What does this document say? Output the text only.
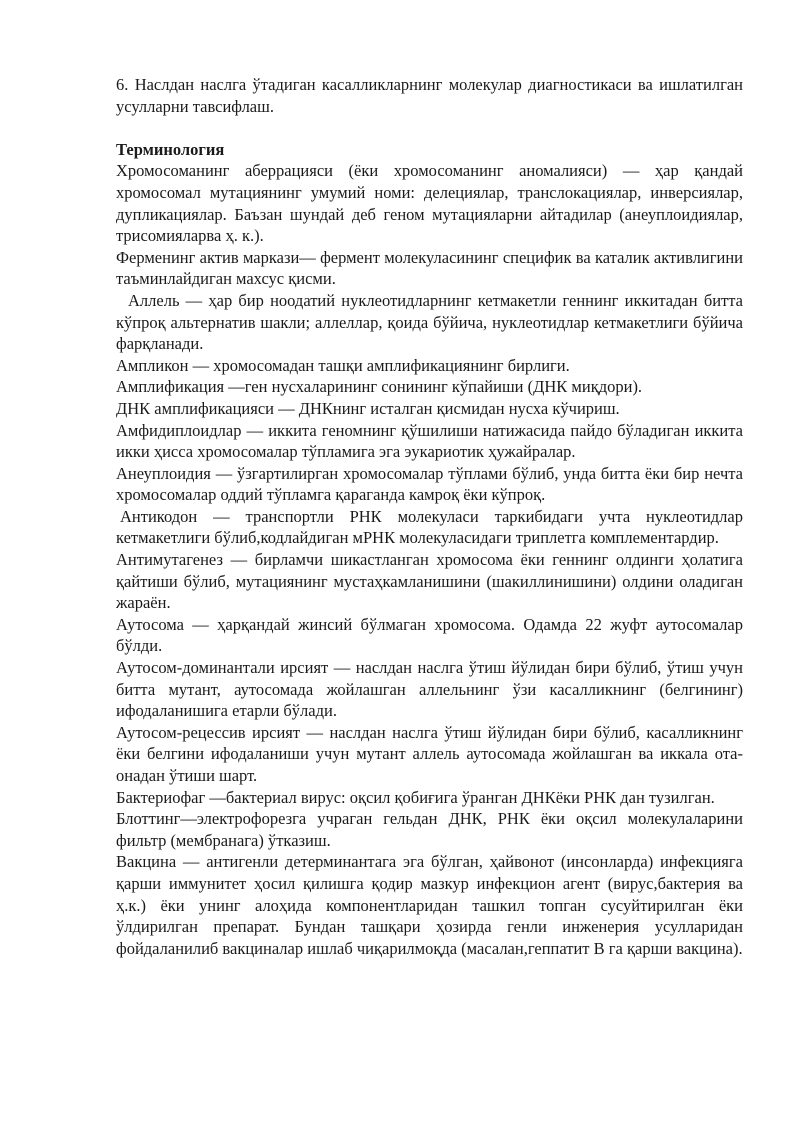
6. Наслдан наслга ўтадиган касалликларнинг молекулар диагностикаси ва ишлатилган усулларни тавсифлаш.

Терминология

Хромосоманинг аберрацияси (ёки хромосоманинг аномалияси) — ҳар қандай хромосомал мутациянинг умумий номи: делециялар, транслокациялар, инверсиялар, дупликациялар. Баъзан шундай деб геном мутацияларни айтадилар (анеуплоидиялар, трисомияларва ҳ. к.).

Ферменинг актив маркази— фермент молекуласининг специфик ва каталик активлигини таъминлайдиган махсус қисми.

Аллель — ҳар бир ноодатий нуклеотидларнинг кетмакетли геннинг иккитадан битта кўпроқ альтернатив шакли; аллеллар, қоида бўйича, нуклеотидлар кетмакетлиги бўйича фарқланади.

Ампликон — хромосомадан ташқи амплификациянинг бирлиги.

Амплификация —ген нусхаларининг сонининг кўпайиши (ДНК миқдори).

ДНК амплификацияси — ДНКнинг исталган қисмидан нусха кўчириш.

Амфидиплоидлар — иккита геномнинг қўшилиши натижасида пайдо бўладиган иккита икки ҳисса хромосомалар тўпламига эга эукариотик ҳужайралар.

Анеуплоидия — ўзгартилирган хромосомалар тўплами бўлиб, унда битта ёки бир нечта хромосомалар оддий тўпламга қараганда камроқ ёки кўпроқ.

Антикодон — транспортли РНК молекуласи таркибидаги учта нуклеотидлар кетмакетлиги бўлиб,кодлайдиган мРНК молекуласидаги триплетга комплементардир.

Антимутагенез — бирламчи шикастланган хромосома ёки геннинг олдинги ҳолатига қайтиши бўлиб, мутациянинг мустаҳкамланишини (шакиллинишини) олдини оладиган жараён.

Аутосома — ҳарқандай жинсий бўлмаган хромосома. Одамда 22 жуфт аутосомалар бўлди.

Аутосом-доминантали ирсият — наслдан наслга ўтиш йўлидан бири бўлиб, ўтиш учун битта мутант, аутосомада жойлашган аллельнинг ўзи касалликнинг (белгининг) ифодаланишига етарли бўлади.

Аутосом-рецессив ирсият — наслдан наслга ўтиш йўлидан бири бўлиб, касалликнинг ёки белгини ифодаланиши учун мутант аллель аутосомада жойлашган ва иккала ота-онадан ўтиши шарт.

Бактериофаг —бактериал вирус: оқсил қобиғига ўранган ДНКёки РНК дан тузилган.

Блоттинг—электрофорезга учраган гельдан ДНК, РНК ёки оқсил молекулаларини фильтр (мембранага) ўтказиш.

Вакцина — антигенли детерминантага эга бўлган, ҳайвонот (инсонларда) инфекцияга қарши иммунитет ҳосил қилишга қодир мазкур инфекцион агент (вирус,бактерия ва ҳ.к.) ёки унинг алоҳида компонентларидан ташкил топган сусуйтирилган ёки ўлдирилган препарат. Бундан ташқари ҳозирда генли инженерия усулларидан фойдаланилиб вакциналар ишлаб чиқарилмоқда (масалан,геппатит В га қарши вакцина).
